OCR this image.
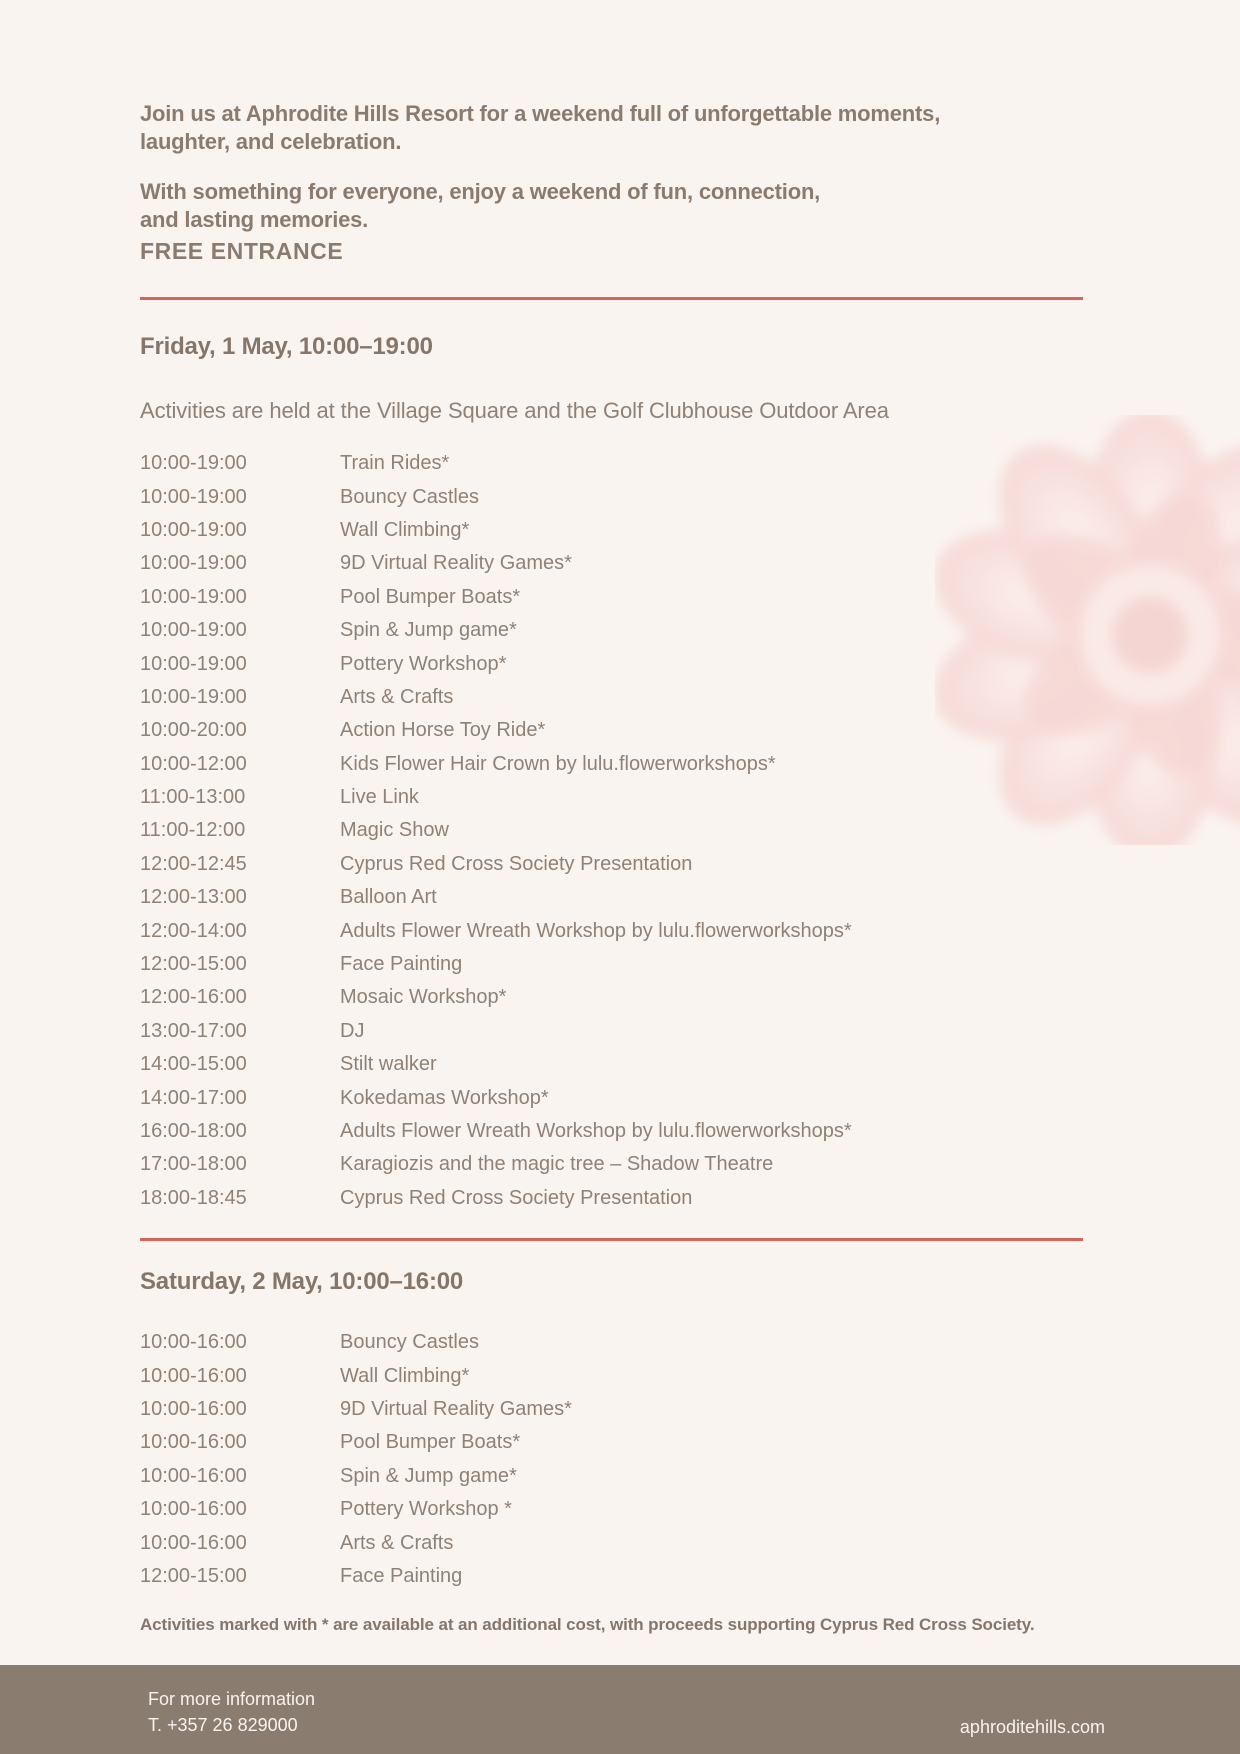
Join us at Aphrodite Hills Resort for a weekend full of unforgettable moments,
laughter, and celebration.

With something for everyone, enjoy a weekend of fun, connection,
and lasting memories.

FREE ENTRANCE
Friday, 1 May, 10:00–19:00
Activities are held at the Village Square and the Golf Clubhouse Outdoor Area
10:00-19:00	Train Rides*
10:00-19:00	Bouncy Castles
10:00-19:00	Wall Climbing*
10:00-19:00	9D Virtual Reality Games*
10:00-19:00	Pool Bumper Boats*
10:00-19:00	Spin & Jump game*
10:00-19:00	Pottery Workshop*
10:00-19:00	Arts & Crafts
10:00-20:00	Action Horse Toy Ride*
10:00-12:00	Kids Flower Hair Crown by lulu.flowerworkshops*
11:00-13:00	Live Link
11:00-12:00	Magic Show
12:00-12:45	Cyprus Red Cross Society Presentation
12:00-13:00	Balloon Art
12:00-14:00	Adults Flower Wreath Workshop by lulu.flowerworkshops*
12:00-15:00	Face Painting
12:00-16:00	Mosaic Workshop*
13:00-17:00	DJ
14:00-15:00	Stilt walker
14:00-17:00	Kokedamas Workshop*
16:00-18:00	Adults Flower Wreath Workshop by lulu.flowerworkshops*
17:00-18:00	Karagiozis and the magic tree – Shadow Theatre
18:00-18:45	Cyprus Red Cross Society Presentation
Saturday, 2 May, 10:00–16:00
10:00-16:00	Bouncy Castles
10:00-16:00	Wall Climbing*
10:00-16:00	9D Virtual Reality Games*
10:00-16:00	Pool Bumper Boats*
10:00-16:00	Spin & Jump game*
10:00-16:00	Pottery Workshop *
10:00-16:00	Arts & Crafts
12:00-15:00	Face Painting
Activities marked with * are available at an additional cost, with proceeds supporting Cyprus Red Cross Society.
For more information
T. +357 26 829000	aphroditehills.com
